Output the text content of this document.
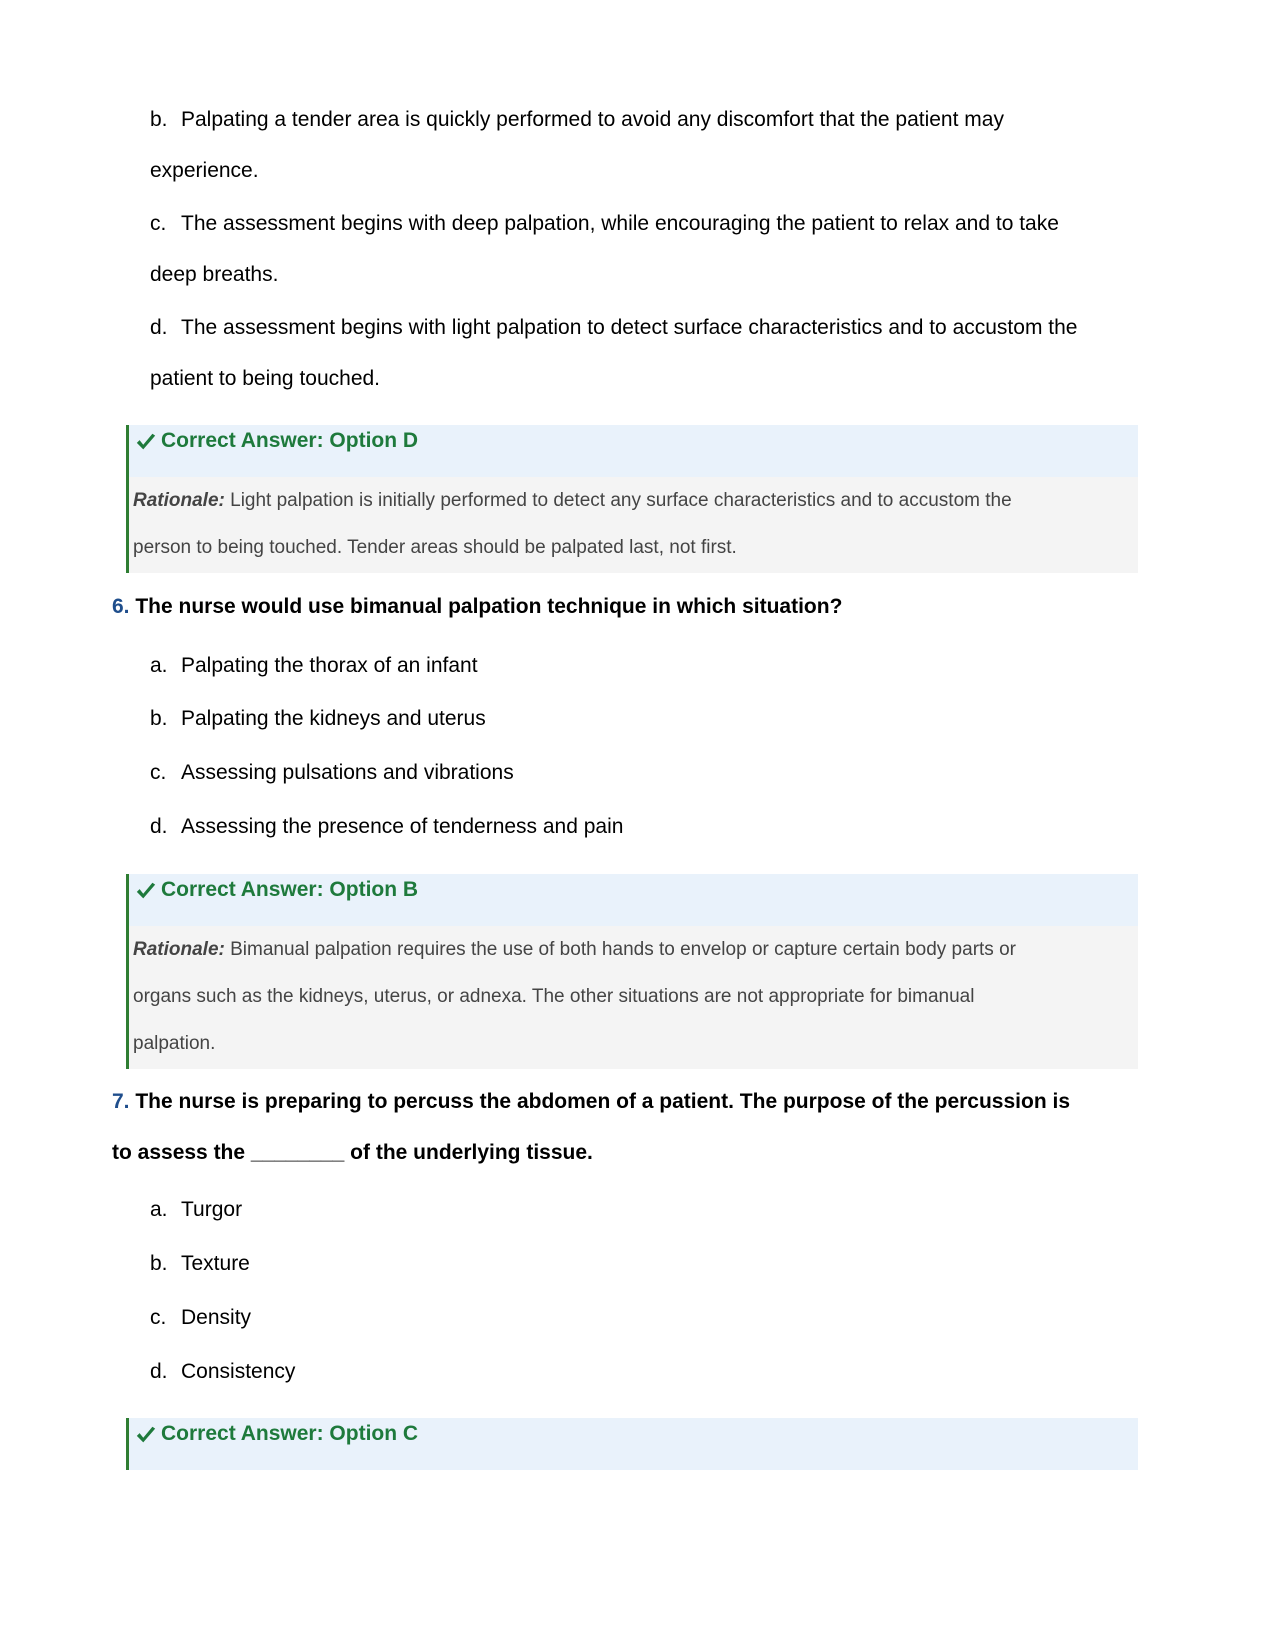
b. Palpating a tender area is quickly performed to avoid any discomfort that the patient may
experience.
c. The assessment begins with deep palpation, while encouraging the patient to relax and to take
deep breaths.
d. The assessment begins with light palpation to detect surface characteristics and to accustom the
patient to being touched.
Correct Answer: Option D
Rationale: Light palpation is initially performed to detect any surface characteristics and to accustom the
person to being touched. Tender areas should be palpated last, not first.
6. The nurse would use bimanual palpation technique in which situation?
a. Palpating the thorax of an infant
b. Palpating the kidneys and uterus
c. Assessing pulsations and vibrations
d. Assessing the presence of tenderness and pain
Correct Answer: Option B
Rationale: Bimanual palpation requires the use of both hands to envelop or capture certain body parts or
organs such as the kidneys, uterus, or adnexa. The other situations are not appropriate for bimanual
palpation.
7. The nurse is preparing to percuss the abdomen of a patient. The purpose of the percussion is
to assess the ________ of the underlying tissue.
a. Turgor
b. Texture
c. Density
d. Consistency
Correct Answer: Option C
